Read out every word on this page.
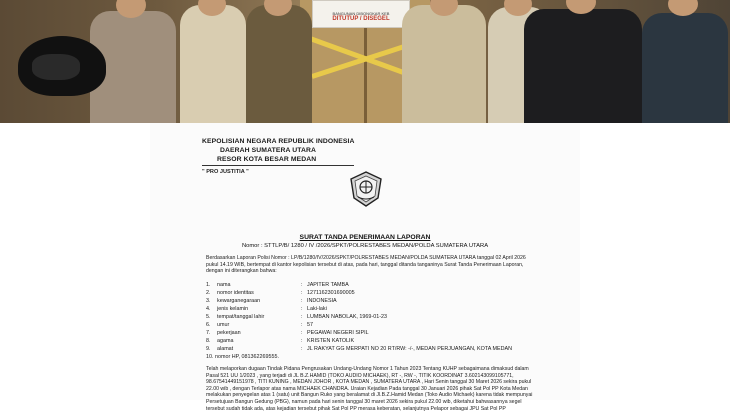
BANGUNAN DIBONGKAR KEB
DITUTUP / DISEGEL
KEPOLISIAN NEGARA REPUBLIK INDONESIA
DAERAH SUMATERA UTARA
RESOR KOTA BESAR MEDAN
" PRO JUSTITIA "
SURAT TANDA PENERIMAAN LAPORAN
Nomor : STTLP/B/ 1280 / IV /2026/SPKT/POLRESTABES MEDAN/POLDA SUMATERA UTARA
Berdasarkan Laporan Polisi Nomor : LP/B/1280/IV/2026/SPKT/POLRESTABES MEDAN/POLDA SUMATERA UTARA tanggal 02 April 2026 pukul 14.19 WIB, bertempat di kantor kepolisian tersebut di atas, pada hari, tanggal ditanda tanganinya Surat Tanda Penerimaan Laporan, dengan ini diterangkan bahwa:
1.	nama	: JAPITER TAMBA
2.	nomor identitas	: 1271162301690005
3.	kewarganegaraan	: INDONESIA
4.	jenis kelamin	: Laki-laki
5.	tempat/tanggal lahir	: LUMBAN NABOLAK, 1969-01-23
6.	umur	: 57
7.	pekerjaan	: PEGAWAI NEGERI SIPIL
8.	agama	: KRISTEN KATOLIK
9.	alamat	: JL RAKYAT GG MERPATI NO 20 RT/RW: -/-, MEDAN PERJUANGAN, KOTA MEDAN
10. nomor HP, 081362269555.
Telah melaporkan dugaan Tindak Pidana Pengrusakan Undang-Undang Nomor 1 Tahun 2023 Tentang KUHP sebagaimana dimaksud dalam Pasal 521 UU 1/2023 , yang terjadi di JL B.Z.HAMID (TOKO AUDIO MICHAEK), RT -, RW -, TITIK KOORDINAT 3.602143099105771, 98.67541449151978 , TITI KUNING , MEDAN JOHOR , KOTA MEDAN , SUMATERA UTARA , Hari Senin tanggal 30 Maret 2026 sekira pukul 22.00 wib , dengan Terlapor atas nama MICHAEK CHANDRA. Uraian Kejadian Pada tanggal 30 Januari 2026 pihak Sat Pol PP Kota Medan melakukan penyegelan atas 1 (satu) unit Bangun Ruko yang beralamat di Jl.B.Z.Hamid Medan (Toko Audio Michaek) karena tidak mempunyai Persetujuan Bangun Gedung (PBG), namun pada hari senin tanggal 30 maret 2026 sekira pukul 22.00 wib, diketahui bahwasannya segel tersebut sudah tidak ada, atas kejadian tersebut pihak Sat Pol PP merasa keberatan, selanjutnya Pelapor sebagai JPU Sat Pol PP
